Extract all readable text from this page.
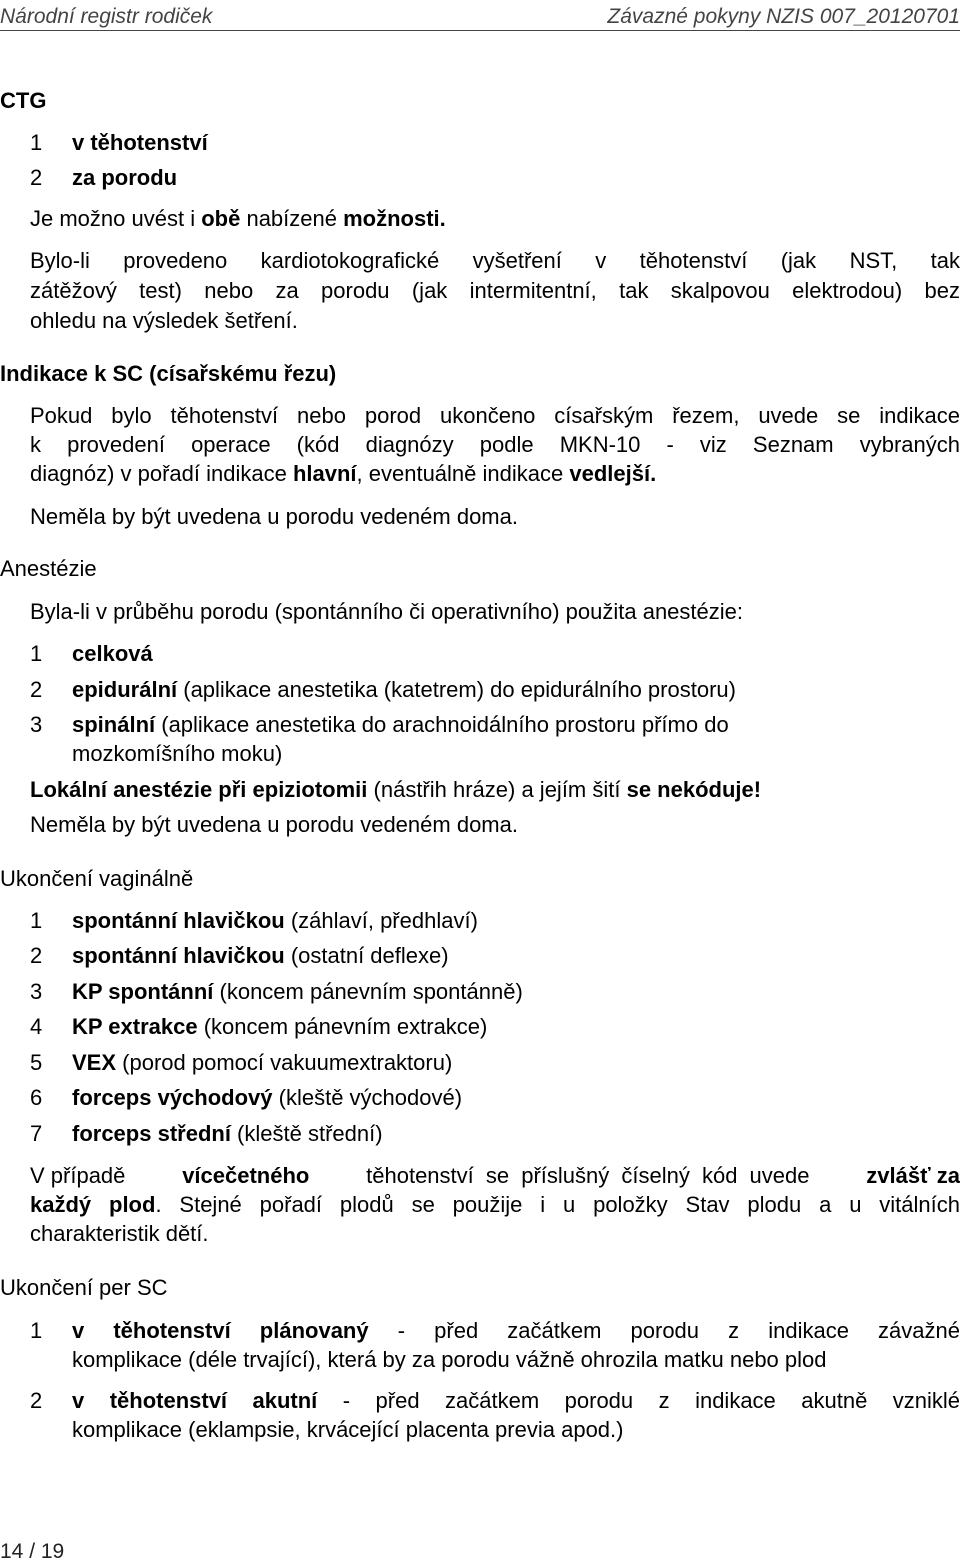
Národní registr rodiček	Závazné pokyny NZIS 007_20120701
CTG
1	v těhotenství
2	za porodu
Je možno uvést i obě nabízené možnosti.
Bylo-li provedeno kardiotokografické vyšetření v těhotenství (jak NST, tak
zátěžový test) nebo za porodu (jak intermitentní, tak skalpovou elektrodou) bez
ohledu na výsledek šetření.
Indikace k SC (císařskému řezu)
Pokud bylo těhotenství nebo porod ukončeno císařským řezem, uvede se indikace
k provedení operace (kód diagnózy podle MKN-10 - viz Seznam vybraných
diagnóz) v pořadí indikace hlavní, eventuálně indikace vedlejší.
Neměla by být uvedena u porodu vedeném doma.
Anestézie
Byla-li v průběhu porodu (spontánního či operativního) použita anestézie:
1	celková
2	epidurální (aplikace anestetika (katetrem) do epidurálního prostoru)
3	spinální (aplikace anestetika do arachnoidálního prostoru přímo do
mozkomíšního moku)
Lokální anestézie při epiziotomii (nástřih hráze) a jejím šití se nekóduje!
Neměla by být uvedena u porodu vedeném doma.
Ukončení vaginálně
1	spontánní hlavičkou (záhlaví, předhlaví)
2	spontánní hlavičkou (ostatní deflexe)
3	KP spontánní (koncem pánevním spontánně)
4	KP extrakce (koncem pánevním extrakce)
5	VEX (porod pomocí vakuumextraktoru)
6	forceps východový (kleště východové)
7	forceps střední (kleště střední)
V případě	vícečetného	těhotenství se příslušný číselný kód uvede	zvlášť za
každý plod. Stejné pořadí plodů se použije i u položky Stav plodu a u vitálních
charakteristik dětí.
Ukončení per SC
1	v těhotenství plánovaný - před začátkem porodu z indikace závažné
komplikace (déle trvající), která by za porodu vážně ohrozila matku nebo plod
2	v těhotenství akutní - před začátkem porodu z indikace akutně vzniklé
komplikace (eklampsie, krvácející placenta previa apod.)
14 / 19
